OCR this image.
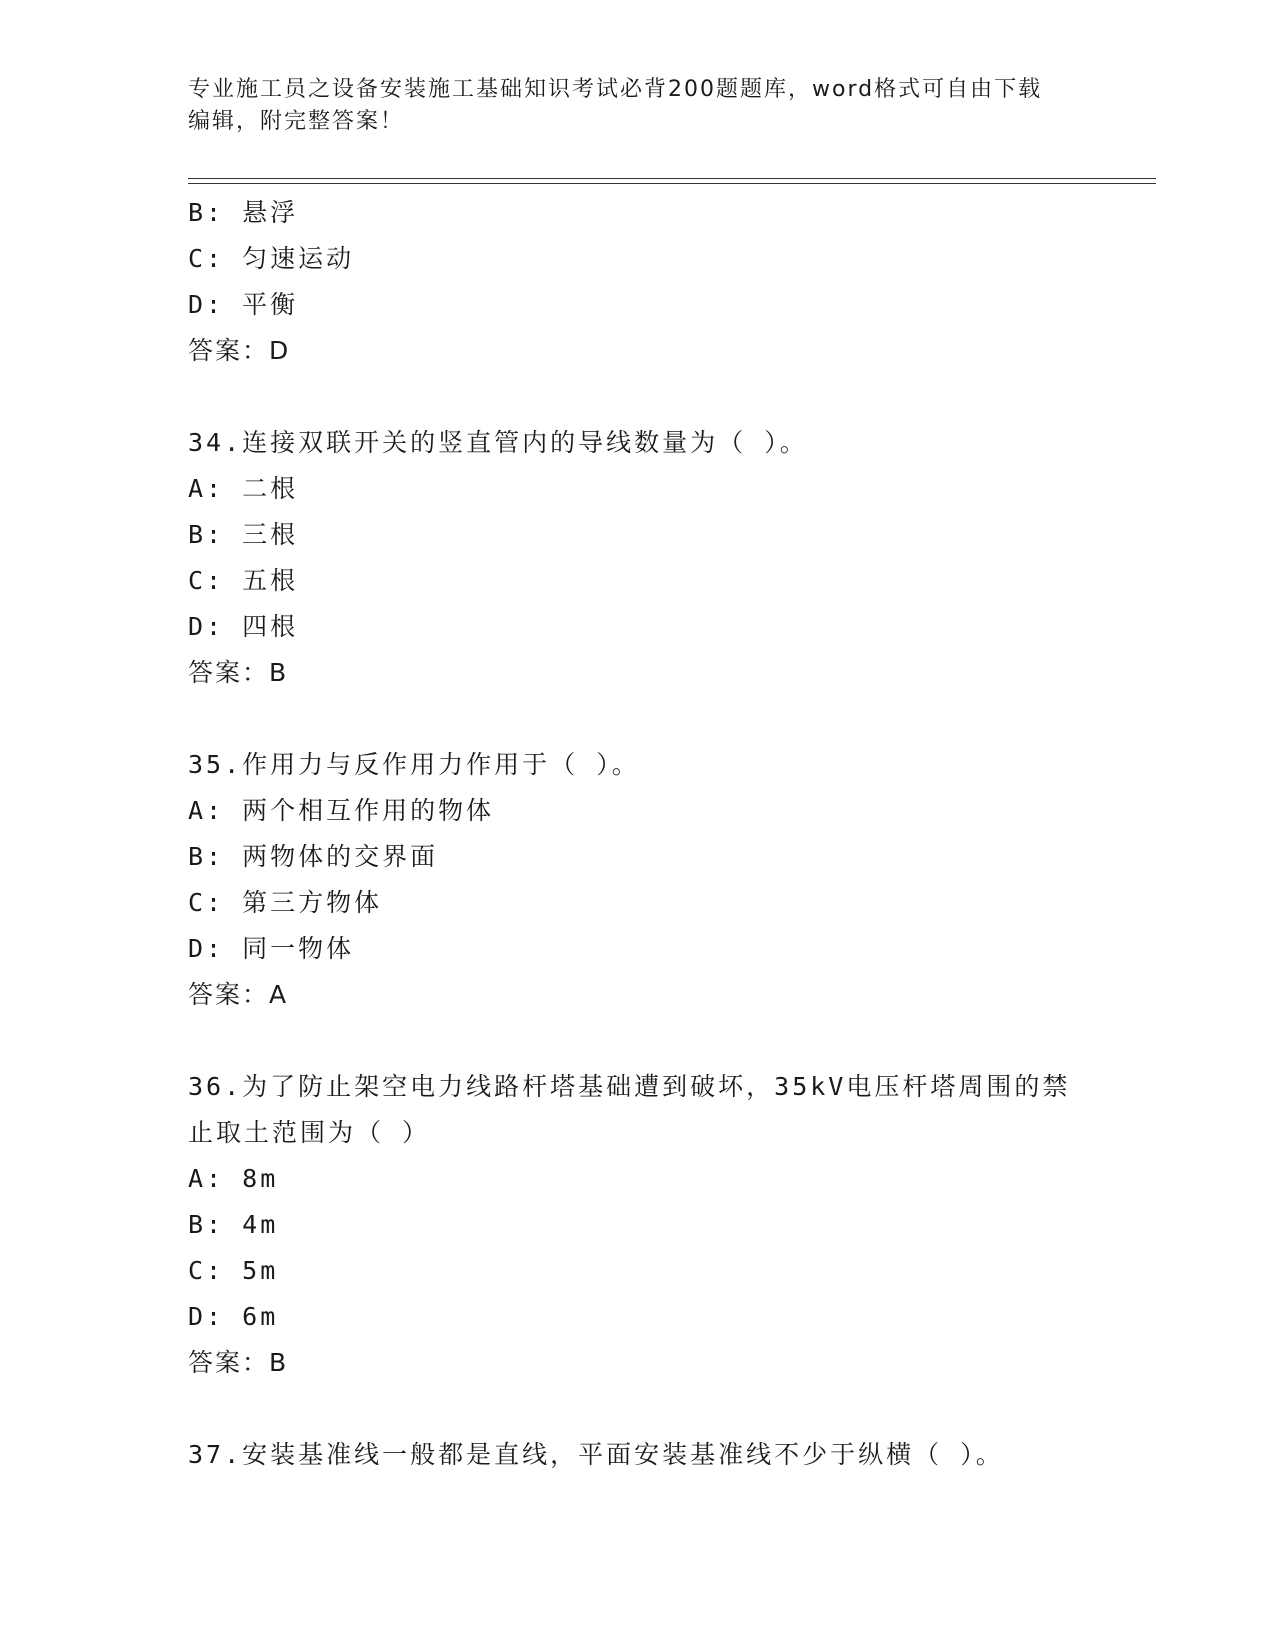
专业施工员之设备安装施工基础知识考试必背200题题库，word格式可自由下载
编辑，附完整答案！
B: 悬浮
C: 匀速运动
D: 平衡
答案：D
34.连接双联开关的竖直管内的导线数量为（ ）。
A: 二根
B: 三根
C: 五根
D: 四根
答案：B
35.作用力与反作用力作用于（ ）。
A: 两个相互作用的物体
B: 两物体的交界面
C: 第三方物体
D: 同一物体
答案：A
36.为了防止架空电力线路杆塔基础遭到破坏，35kV电压杆塔周围的禁
止取土范围为（ ）
A: 8m
B: 4m
C: 5m
D: 6m
答案：B
37.安装基准线一般都是直线，平面安装基准线不少于纵横（ ）。
